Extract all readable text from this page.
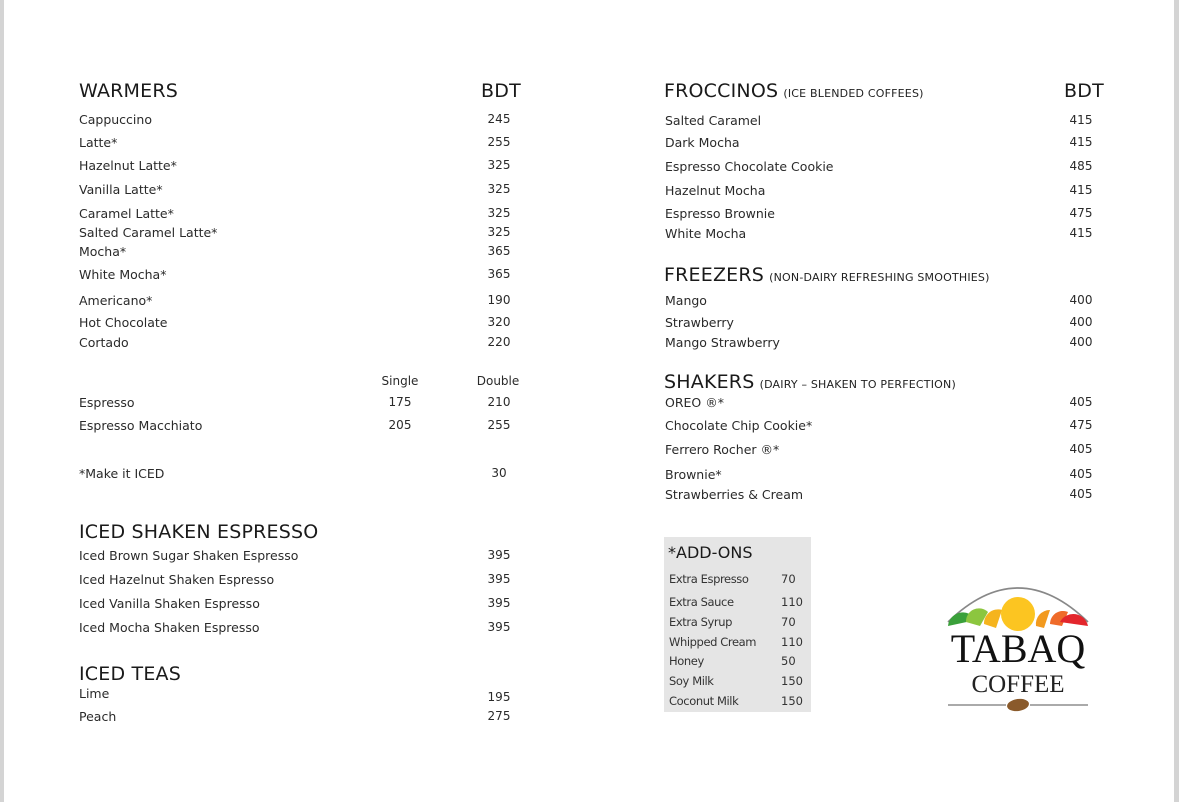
WARMERS	BDT
Cappuccino	245
Latte*	255
Hazelnut Latte*	325
Vanilla Latte*	325
Caramel Latte*	325
Salted Caramel Latte*	325
Mocha*	365
White Mocha*	365
Americano*	190
Hot Chocolate	320
Cortado	220
Single	Double
Espresso	175	210
Espresso Macchiato	205	255
*Make it ICED	30
ICED SHAKEN ESPRESSO
Iced Brown Sugar Shaken Espresso	395
Iced Hazelnut Shaken Espresso	395
Iced Vanilla Shaken Espresso	395
Iced Mocha Shaken Espresso	395
ICED TEAS
Lime	195
Peach	275
FROCCINOS (ICE BLENDED COFFEES)	BDT
Salted Caramel	415
Dark Mocha	415
Espresso Chocolate Cookie	485
Hazelnut Mocha	415
Espresso Brownie	475
White Mocha	415
FREEZERS (NON-DAIRY REFRESHING SMOOTHIES)
Mango	400
Strawberry	400
Mango Strawberry	400
SHAKERS (DAIRY – SHAKEN TO PERFECTION)
OREO ®*	405
Chocolate Chip Cookie*	475
Ferrero Rocher ®*	405
Brownie*	405
Strawberries & Cream	405
*ADD-ONS
Extra Espresso	70
Extra Sauce	110
Extra Syrup	70
Whipped Cream 110
Honey	50
Soy Milk	150
Coconut Milk	150
TABAQ
COFFEE
